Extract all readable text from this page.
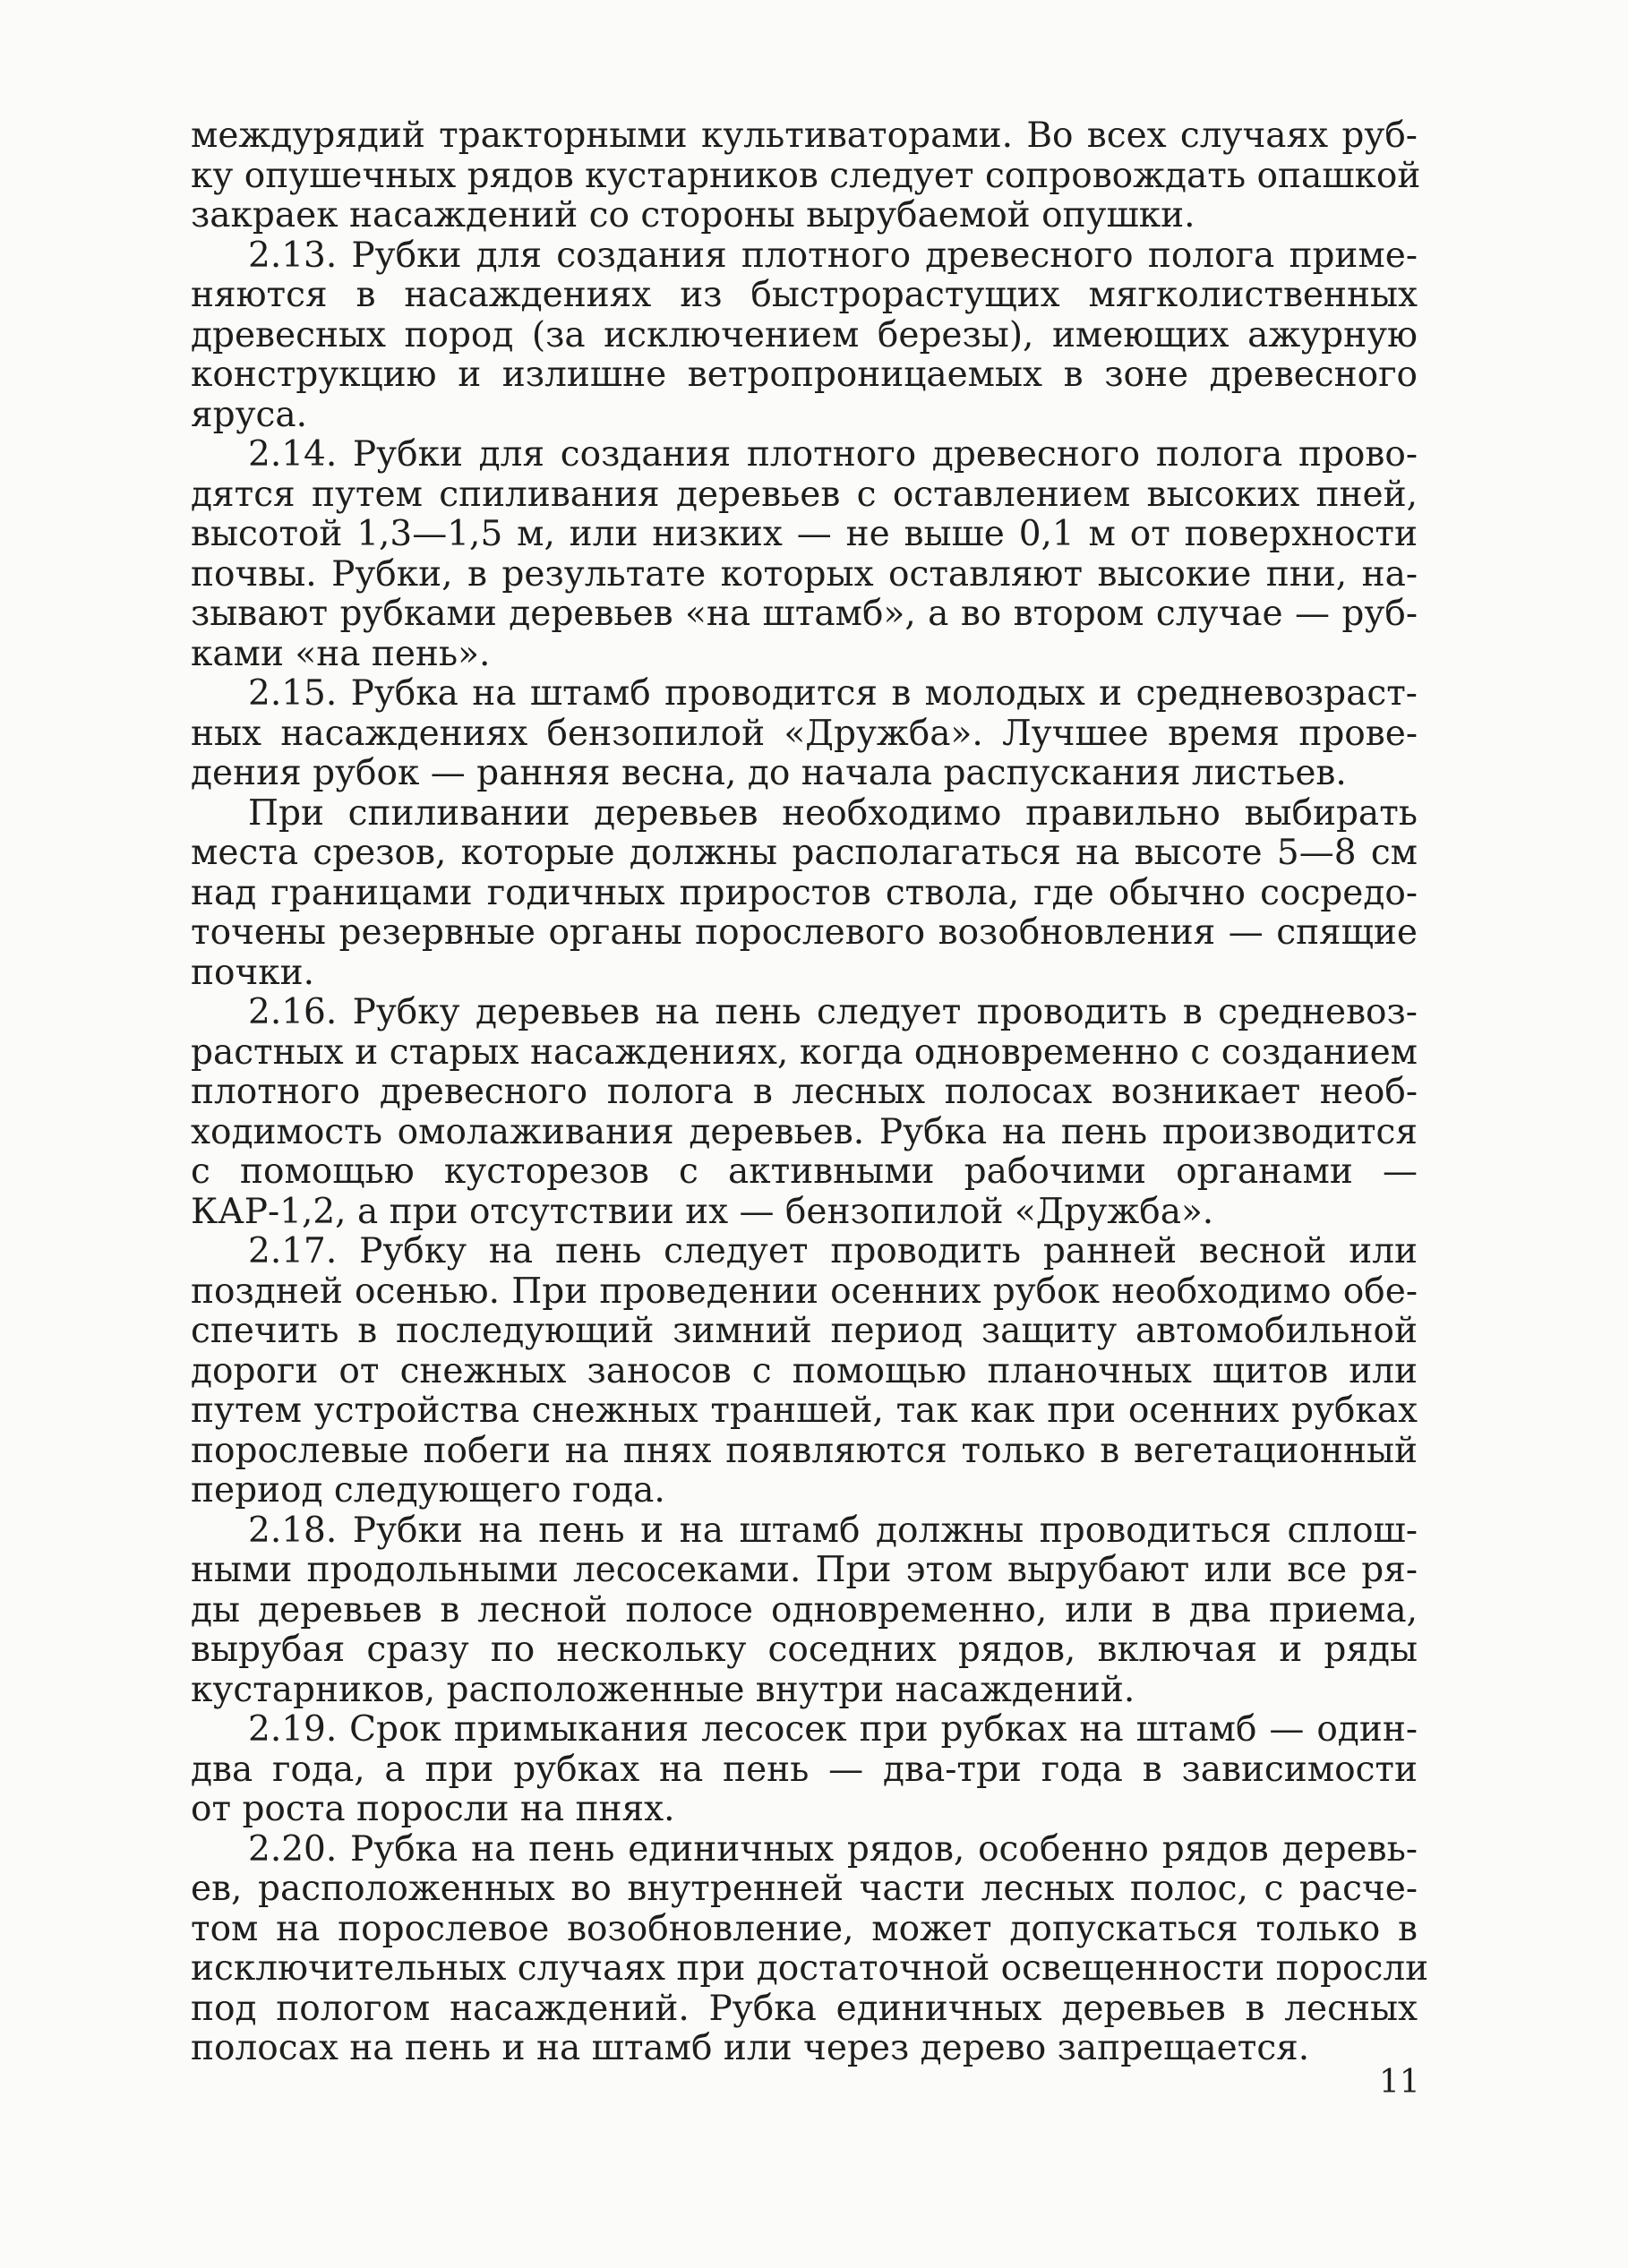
междурядий тракторными культиваторами. Во всех случаях руб-
ку опушечных рядов кустарников следует сопровождать опашкой
закраек насаждений со стороны вырубаемой опушки.
2.13. Рубки для создания плотного древесного полога приме-
няются в насаждениях из быстрорастущих мягколиственных
древесных пород (за исключением березы), имеющих ажурную
конструкцию и излишне ветропроницаемых в зоне древесного
яруса.
2.14. Рубки для создания плотного древесного полога прово-
дятся путем спиливания деревьев с оставлением высоких пней,
высотой 1,3—1,5 м, или низких — не выше 0,1 м от поверхности
почвы. Рубки, в результате которых оставляют высокие пни, на-
зывают рубками деревьев «на штамб», а во втором случае — руб-
ками «на пень».
2.15. Рубка на штамб проводится в молодых и средневозраст-
ных насаждениях бензопилой «Дружба». Лучшее время прове-
дения рубок — ранняя весна, до начала распускания листьев.
При спиливании деревьев необходимо правильно выбирать
места срезов, которые должны располагаться на высоте 5—8 см
над границами годичных приростов ствола, где обычно сосредо-
точены резервные органы порослевого возобновления — спящие
почки.
2.16. Рубку деревьев на пень следует проводить в средневоз-
растных и старых насаждениях, когда одновременно с созданием
плотного древесного полога в лесных полосах возникает необ-
ходимость омолаживания деревьев. Рубка на пень производится
с помощью кусторезов с активными рабочими органами —
КАР-1,2, а при отсутствии их — бензопилой «Дружба».
2.17. Рубку на пень следует проводить ранней весной или
поздней осенью. При проведении осенних рубок необходимо обе-
спечить в последующий зимний период защиту автомобильной
дороги от снежных заносов с помощью планочных щитов или
путем устройства снежных траншей, так как при осенних рубках
порослевые побеги на пнях появляются только в вегетационный
период следующего года.
2.18. Рубки на пень и на штамб должны проводиться сплош-
ными продольными лесосеками. При этом вырубают или все ря-
ды деревьев в лесной полосе одновременно, или в два приема,
вырубая сразу по нескольку соседних рядов, включая и ряды
кустарников, расположенные внутри насаждений.
2.19. Срок примыкания лесосек при рубках на штамб — один-
два года, а при рубках на пень — два-три года в зависимости
от роста поросли на пнях.
2.20. Рубка на пень единичных рядов, особенно рядов деревь-
ев, расположенных во внутренней части лесных полос, с расче-
том на порослевое возобновление, может допускаться только в
исключительных случаях при достаточной освещенности поросли
под пологом насаждений. Рубка единичных деревьев в лесных
полосах на пень и на штамб или через дерево запрещается.
11
